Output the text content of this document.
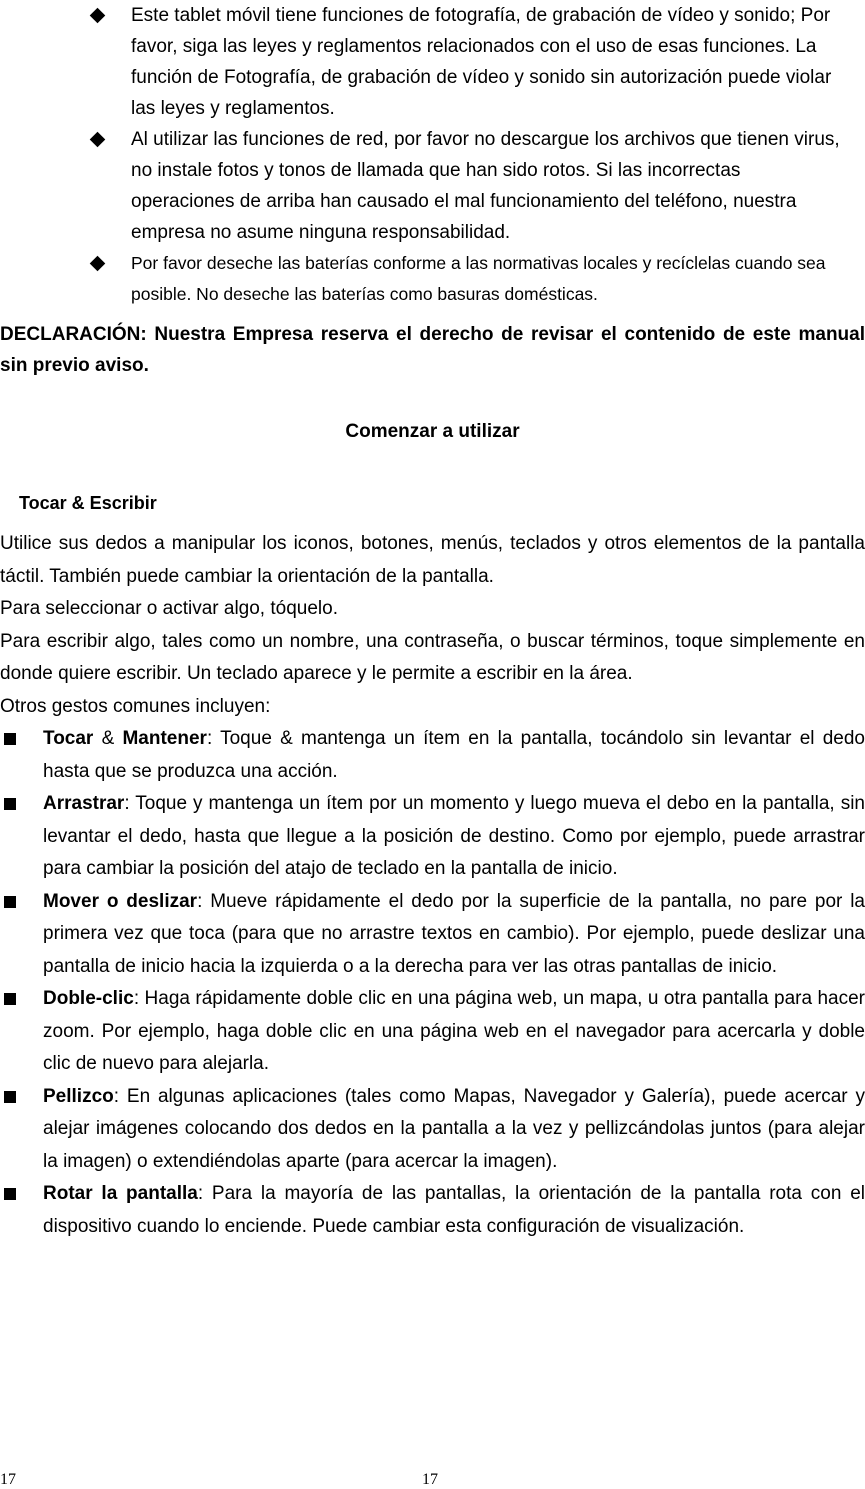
Este tablet móvil tiene funciones de fotografía, de grabación de vídeo y sonido; Por favor, siga las leyes y reglamentos relacionados con el uso de esas funciones. La función de Fotografía, de grabación de vídeo y sonido sin autorización puede violar las leyes y reglamentos.
Al utilizar las funciones de red, por favor no descargue los archivos que tienen virus, no instale fotos y tonos de llamada que han sido rotos. Si las incorrectas operaciones de arriba han causado el mal funcionamiento del teléfono, nuestra empresa no asume ninguna responsabilidad.
Por favor deseche las baterías conforme a las normativas locales y recíclelas cuando sea posible. No deseche las baterías como basuras domésticas.
DECLARACIÓN: Nuestra Empresa reserva el derecho de revisar el contenido de este manual sin previo aviso.
Comenzar a utilizar
Tocar & Escribir

Utilice sus dedos a manipular los iconos, botones, menús, teclados y otros elementos de la pantalla táctil. También puede cambiar la orientación de la pantalla.

Para seleccionar o activar algo, tóquelo.

Para escribir algo, tales como un nombre, una contraseña, o buscar términos, toque simplemente en donde quiere escribir. Un teclado aparece y le permite a escribir en la área.

Otros gestos comunes incluyen:

Tocar & Mantener: Toque & mantenga un ítem en la pantalla, tocándolo sin levantar el dedo hasta que se produzca una acción.
Arrastrar: Toque y mantenga un ítem por un momento y luego mueva el debo en la pantalla, sin levantar el dedo, hasta que llegue a la posición de destino. Como por ejemplo, puede arrastrar para cambiar la posición del atajo de teclado en la pantalla de inicio.
Mover o deslizar: Mueve rápidamente el dedo por la superficie de la pantalla, no pare por la primera vez que toca (para que no arrastre textos en cambio). Por ejemplo, puede deslizar una pantalla de inicio hacia la izquierda o a la derecha para ver las otras pantallas de inicio.
Doble-clic: Haga rápidamente doble clic en una página web, un mapa, u otra pantalla para hacer zoom. Por ejemplo, haga doble clic en una página web en el navegador para acercarla y doble clic de nuevo para alejarla.
Pellizco: En algunas aplicaciones (tales como Mapas, Navegador y Galería), puede acercar y alejar imágenes colocando dos dedos en la pantalla a la vez y pellizcándolas juntos (para alejar la imagen) o extendiéndolas aparte (para acercar la imagen).
Rotar la pantalla: Para la mayoría de las pantallas, la orientación de la pantalla rota con el dispositivo cuando lo enciende. Puede cambiar esta configuración de visualización.
17	17
